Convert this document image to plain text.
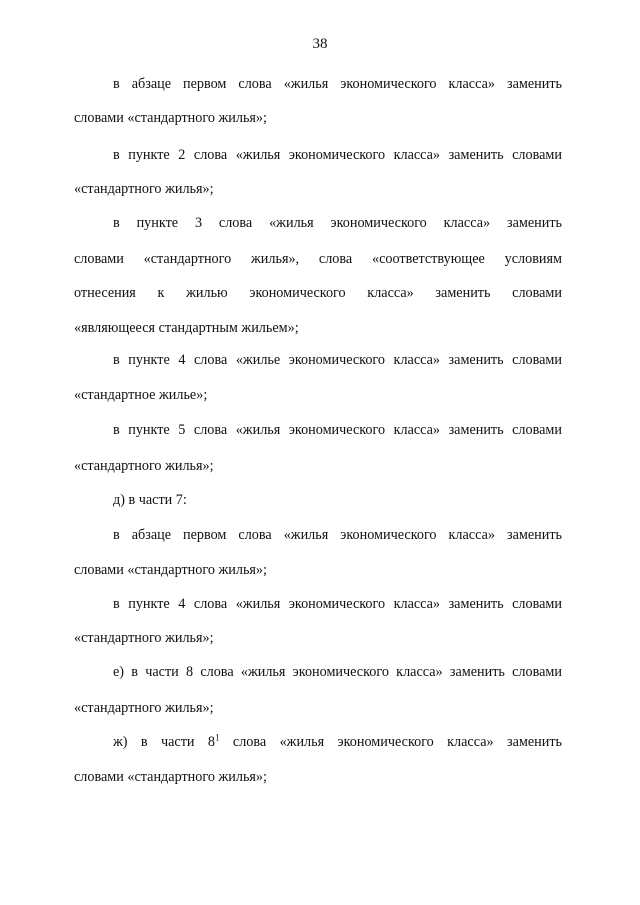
38
в абзаце первом слова «жилья экономического класса» заменить
словами «стандартного жилья»;
в пункте 2 слова «жилья экономического класса» заменить словами
«стандартного жилья»;
в пункте 3 слова «жилья экономического класса» заменить
словами «стандартного жилья», слова «соответствующее условиям
отнесения к жилью экономического класса» заменить словами
«являющееся стандартным жильем»;
в пункте 4 слова «жилье экономического класса» заменить словами
«стандартное жилье»;
в пункте 5 слова «жилья экономического класса» заменить словами
«стандартного жилья»;
д) в части 7:
в абзаце первом слова «жилья экономического класса» заменить
словами «стандартного жилья»;
в пункте 4 слова «жилья экономического класса» заменить словами
«стандартного жилья»;
е) в части 8 слова «жилья экономического класса» заменить словами
«стандартного жилья»;
ж) в части $8^1$ слова «жилья экономического класса» заменить
словами «стандартного жилья»;
